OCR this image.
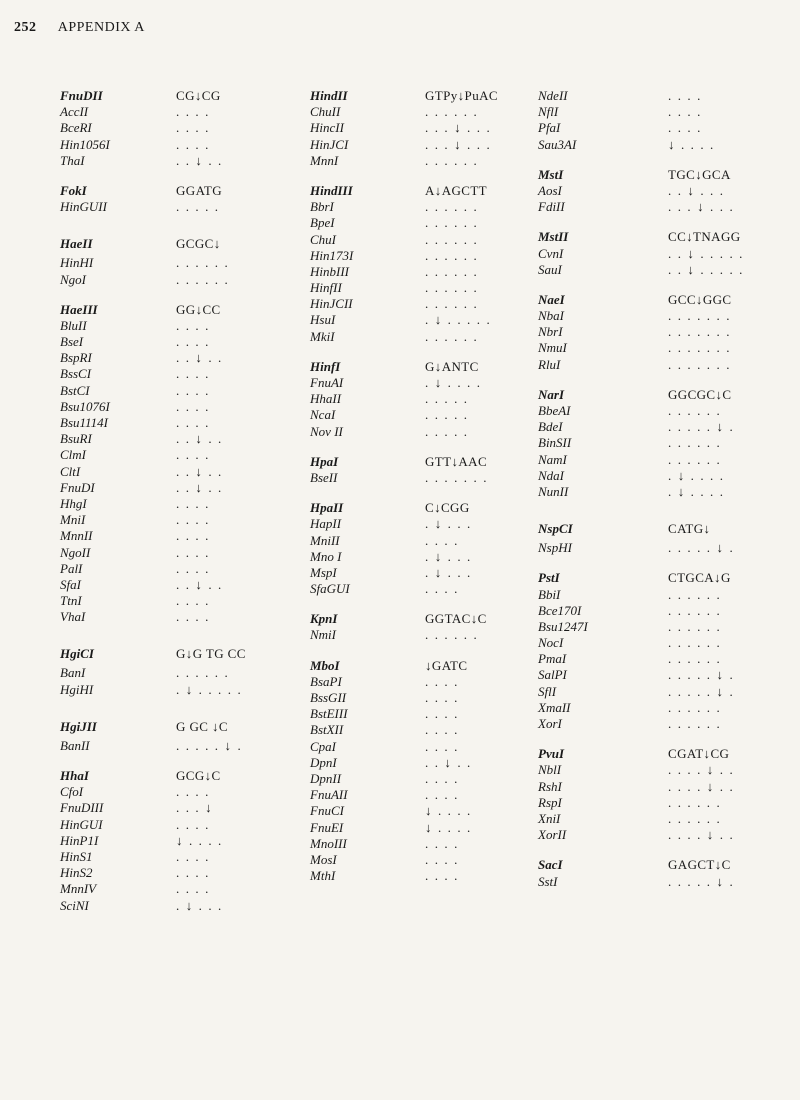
252 APPENDIX A
FnuDII	CG↓CG
AccII	. . . .
BceRI	. . . .
Hin1056I	. . . .
ThaI	. . ↓ . .
FokI	GGATG
HinGUII	. . . . .
HaeII	GCGC↓
HinHI	. . . . . .
NgoI	. . . . . .
HaeIII	GG↓CC
BluII	. . . .
BseI	. . . .
BspRI	. . ↓ . .
BssCI	. . . .
BstCI	. . . .
Bsu1076I	. . . .
Bsu1114I	. . . .
BsuRI	. . ↓ . .
ClmI	. . . .
CltI	. . ↓ . .
FnuDI	. . ↓ . .
HhgI	. . . .
MniI	. . . .
MnnII	. . . .
NgoII	. . . .
PalI	. . . .
SfaI	. . ↓ . .
TtnI	. . . .
VhaI	. . . .
HgiCI	G↓G TG CC
BanI	. . . . . .
HgiHI	. ↓ . . . . .
HgiJII	G GC ↓C
BanII	. . . . . ↓ .
HhaI	GCG↓C
CfoI	. . . .
FnuDIII	. . . ↓
HinGUI	. . . .
HinP1I	↓ . . . .
HinS1	. . . .
HinS2	. . . .
MnnIV	. . . .
SciNI	. ↓ . . .
HindII	GTPy↓PuAC
ChuII	. . . . . .
HincII	. . . ↓ . . .
HinJCI	. . . ↓ . . .
MnnI	. . . . . .
HindIII	A↓AGCTT
BbrI	. . . . . .
BpeI	. . . . . .
ChuI	. . . . . .
Hin173I	. . . . . .
HinbIII	. . . . . .
HinfII	. . . . . .
HinJCII	. . . . . .
HsuI	. ↓ . . . . .
MkiI	. . . . . .
HinfI	G↓ANTC
FnuAI	. ↓ . . . .
HhaII	. . . . .
NcaI	. . . . .
Nov II	. . . . .
HpaI	GTT↓AAC
BseII	. . . . . . .
HpaII	C↓CGG
HapII	. ↓ . . .
MniII	. . . .
Mno I	. ↓ . . .
MspI	. ↓ . . .
SfaGUI	. . . .
KpnI	GGTAC↓C
NmiI	. . . . . .
MboI	↓GATC
BsaPI	. . . .
BssGII	. . . .
BstEIII	. . . .
BstXII	. . . .
CpaI	. . . .
DpnI	. . ↓ . .
DpnII	. . . .
FnuAII	. . . .
FnuCI	↓ . . . .
FnuEI	↓ . . . .
MnoIII	. . . .
MosI	. . . .
MthI	. . . .
NdeII	. . . .
NflI	. . . .
PfaI	. . . .
Sau3AI	↓ . . . .
MstI	TGC↓GCA
AosI	. . ↓ . . .
FdiII	. . . ↓ . . .
MstII	CC↓TNAGG
CvnI	. . ↓ . . . . .
SauI	. . ↓ . . . . .
NaeI	GCC↓GGC
NbaI	. . . . . . .
NbrI	. . . . . . .
NmuI	. . . . . . .
RluI	. . . . . . .
NarI	GGCGC↓C
BbeAI	. . . . . .
BdeI	. . . . . ↓ .
BinSII	. . . . . .
NamI	. . . . . .
NdaI	. ↓ . . . .
NunII	. ↓ . . . .
NspCI	CATG↓
NspHI	. . . . . ↓ .
PstI	CTGCA↓G
BbiI	. . . . . .
Bce170I	. . . . . .
Bsu1247I	. . . . . .
NocI	. . . . . .
PmaI	. . . . . .
SalPI	. . . . . ↓ .
SflI	. . . . . ↓ .
XmaII	. . . . . .
XorI	. . . . . .
PvuI	CGAT↓CG
NblI	. . . . ↓ . .
RshI	. . . . ↓ . .
RspI	. . . . . .
XniI	. . . . . .
XorII	. . . . ↓ . .
SacI	GAGCT↓C
SstI	. . . . . ↓ .
